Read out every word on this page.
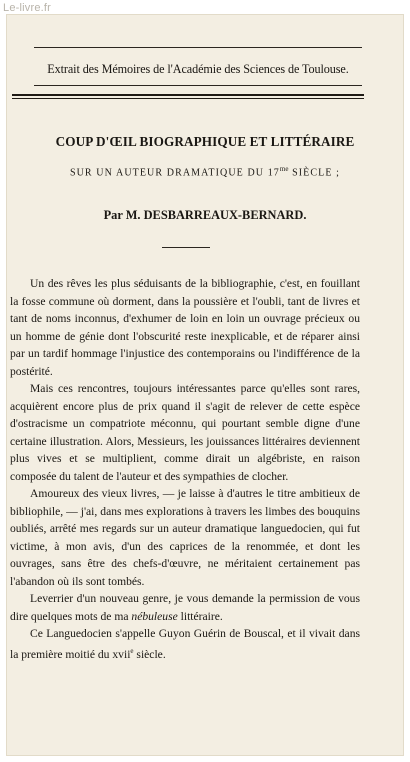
Le-livre.fr
Extrait des Mémoires de l'Académie des Sciences de Toulouse.
COUP D'ŒIL BIOGRAPHIQUE ET LITTÉRAIRE
SUR UN AUTEUR DRAMATIQUE DU $17^{me}$ SIÈCLE ;
Par M. DESBARREAUX-BERNARD.

Un des rêves les plus séduisants de la bibliographie, c'est, en fouillant la fosse commune où dorment, dans la poussière et l'oubli, tant de livres et tant de noms inconnus, d'exhumer de loin en loin un ouvrage précieux ou un homme de génie dont l'obscurité reste inexplicable, et de réparer ainsi par un tardif hommage l'injustice des contemporains ou l'indifférence de la postérité.

Mais ces rencontres, toujours intéressantes parce qu'elles sont rares, acquièrent encore plus de prix quand il s'agit de relever de cette espèce d'ostracisme un compatriote méconnu, qui pourtant semble digne d'une certaine illustration. Alors, Messieurs, les jouissances littéraires deviennent plus vives et se multiplient, comme dirait un algébriste, en raison composée du talent de l'auteur et des sympathies de clocher.

Amoureux des vieux livres, — je laisse à d'autres le titre ambitieux de bibliophile, — j'ai, dans mes explorations à travers les limbes des bouquins oubliés, arrêté mes regards sur un auteur dramatique languedocien, qui fut victime, à mon avis, d'un des caprices de la renommée, et dont les ouvrages, sans être des chefs-d'œuvre, ne méritaient certainement pas l'abandon où ils sont tombés.

Leverrier d'un nouveau genre, je vous demande la permission de vous dire quelques mots de ma nébuleuse littéraire.

Ce Languedocien s'appelle Guyon Guérin de Bouscal, et il vivait dans la première moitié du xvii$^e$ siècle.
